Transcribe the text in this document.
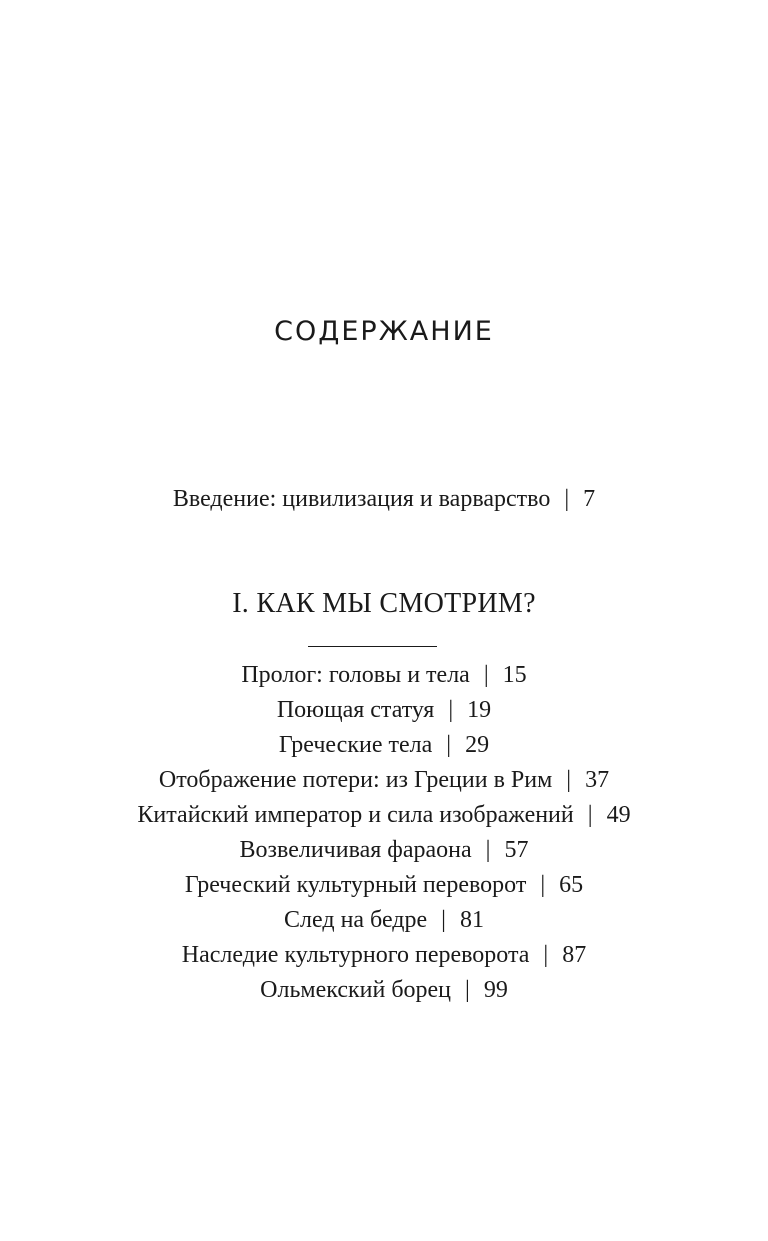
СОДЕРЖАНИЕ
Введение: цивилизация и варварство | 7
I. КАК МЫ СМОТРИМ?
Пролог: головы и тела | 15
Поющая статуя | 19
Греческие тела | 29
Отображение потери: из Греции в Рим | 37
Китайский император и сила изображений | 49
Возвеличивая фараона | 57
Греческий культурный переворот | 65
След на бедре | 81
Наследие культурного переворота | 87
Ольмекский борец | 99
